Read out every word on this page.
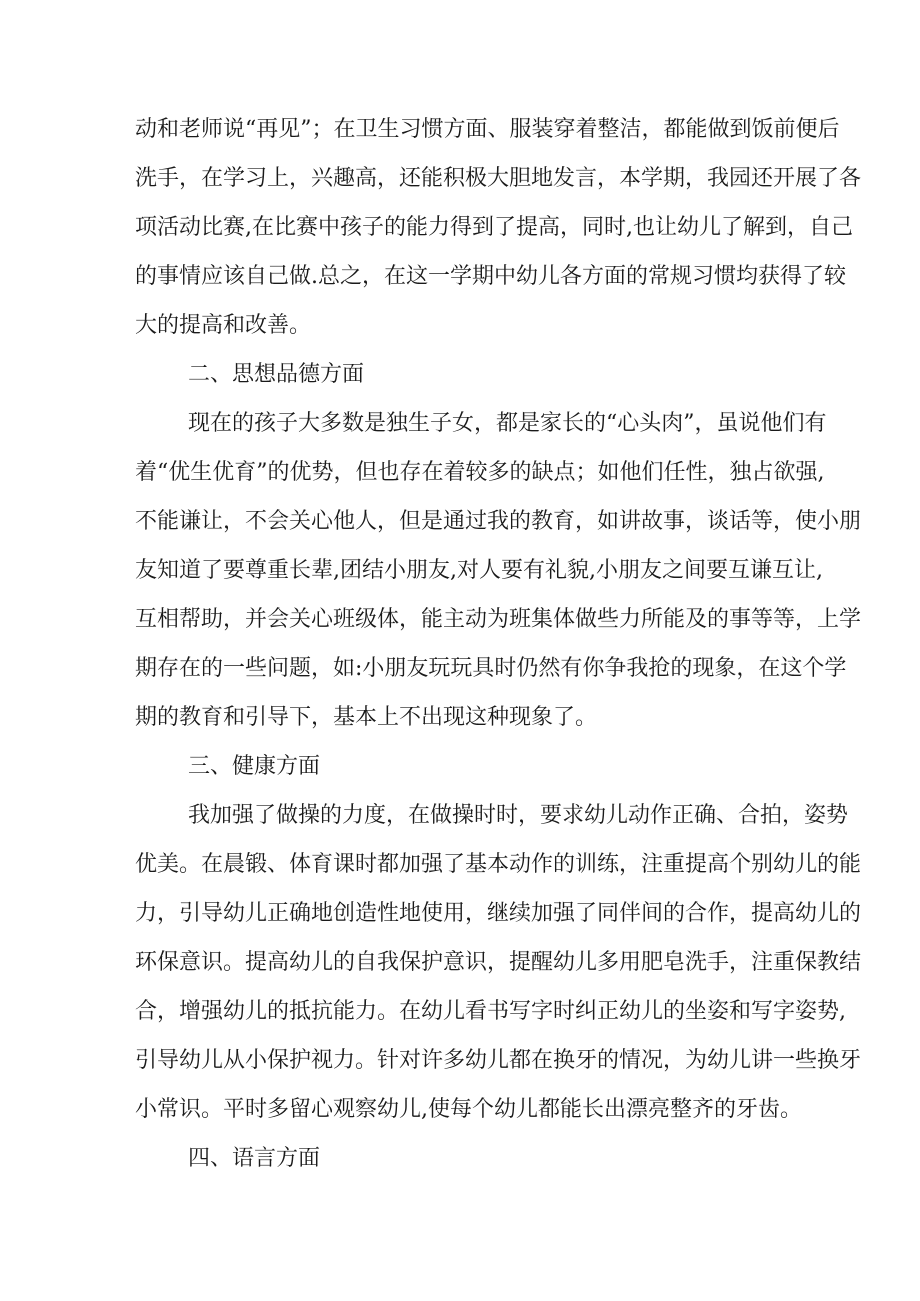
动和老师说“再见”；在卫生习惯方面、服装穿着整洁，都能做到饭前便后

洗手，在学习上，兴趣高，还能积极大胆地发言，本学期，我园还开展了各

项活动比赛,在比赛中孩子的能力得到了提高，同时,也让幼儿了解到，自己

的事情应该自己做.总之，在这一学期中幼儿各方面的常规习惯均获得了较

大的提高和改善。

二、思想品德方面

现在的孩子大多数是独生子女，都是家长的“心头肉”，虽说他们有

着“优生优育”的优势，但也存在着较多的缺点；如他们任性，独占欲强,

不能谦让，不会关心他人，但是通过我的教育，如讲故事，谈话等，使小朋

友知道了要尊重长辈,团结小朋友,对人要有礼貌,小朋友之间要互谦互让,

互相帮助，并会关心班级体，能主动为班集体做些力所能及的事等等，上学

期存在的一些问题，如:小朋友玩玩具时仍然有你争我抢的现象，在这个学

期的教育和引导下，基本上不出现这种现象了。

三、健康方面

我加强了做操的力度，在做操时时，要求幼儿动作正确、合拍，姿势

优美。在晨锻、体育课时都加强了基本动作的训练，注重提高个别幼儿的能

力，引导幼儿正确地创造性地使用，继续加强了同伴间的合作，提高幼儿的

环保意识。提高幼儿的自我保护意识，提醒幼儿多用肥皂洗手，注重保教结

合，增强幼儿的抵抗能力。在幼儿看书写字时纠正幼儿的坐姿和写字姿势,

引导幼儿从小保护视力。针对许多幼儿都在换牙的情况，为幼儿讲一些换牙

小常识。平时多留心观察幼儿,使每个幼儿都能长出漂亮整齐的牙齿。

四、语言方面
